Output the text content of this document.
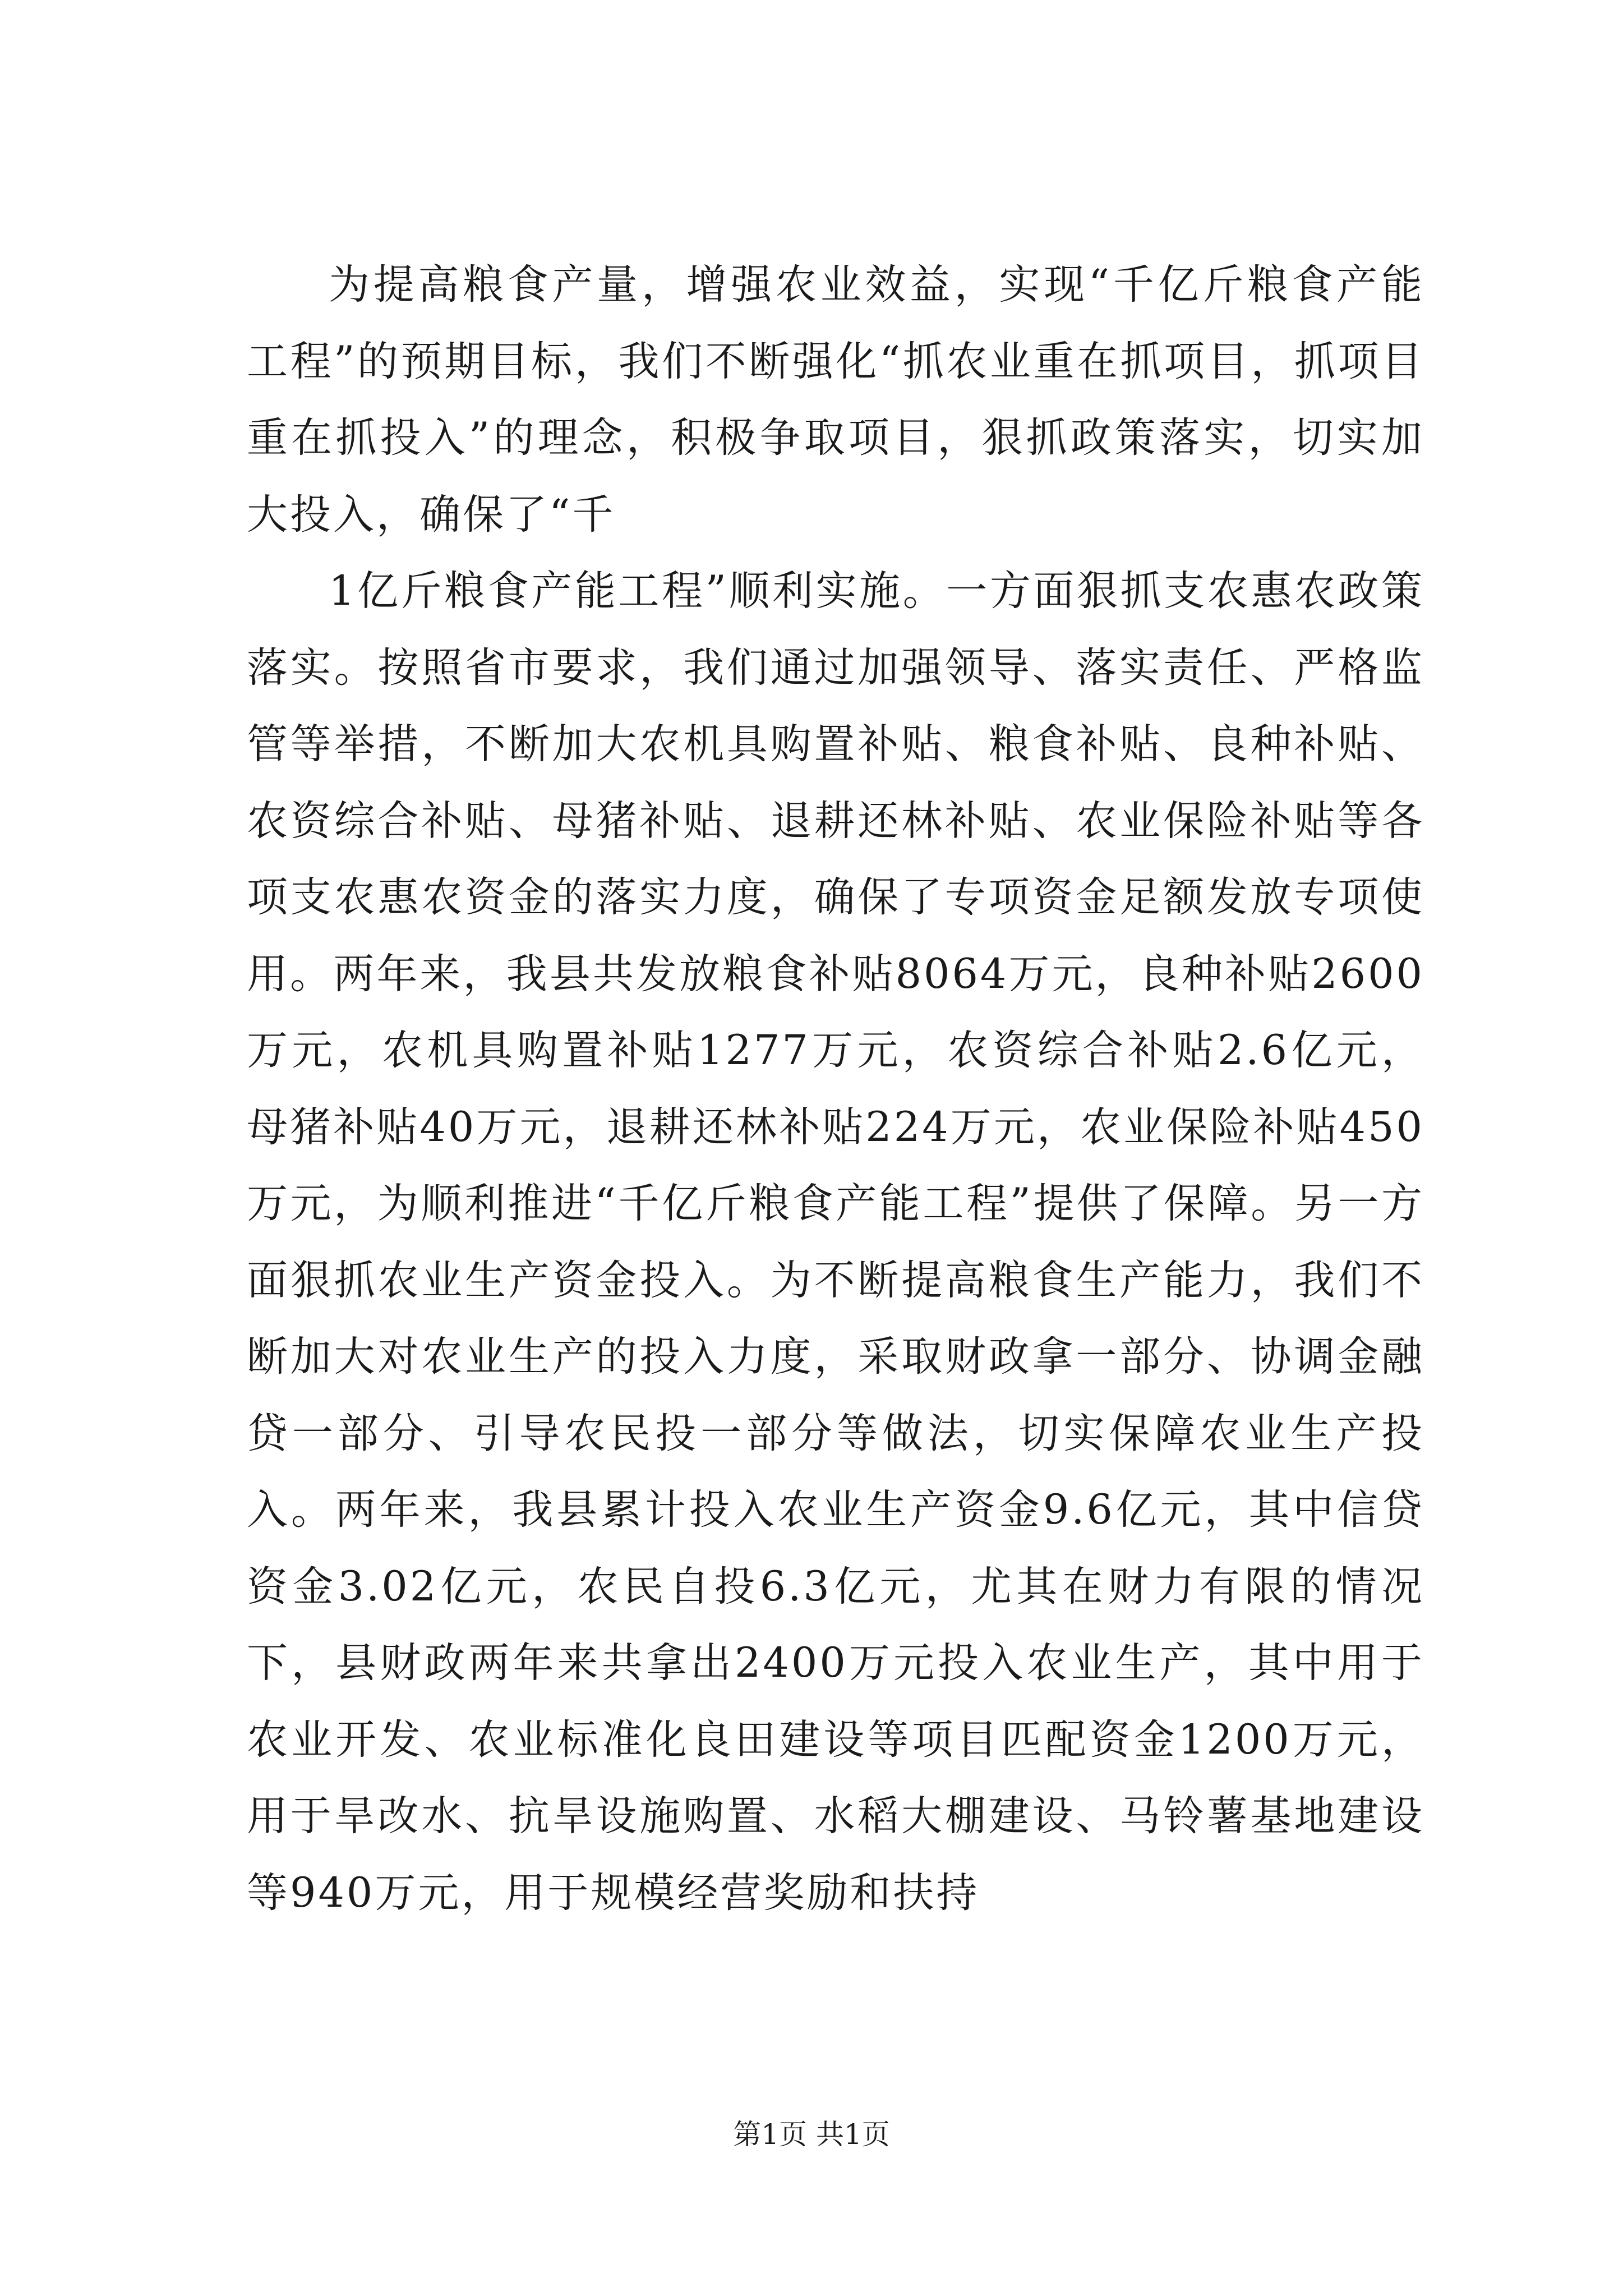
为提高粮食产量，增强农业效益，实现“千亿斤粮食产能工程”的预期目标，我们不断强化“抓农业重在抓项目，抓项目重在抓投入”的理念，积极争取项目，狠抓政策落实，切实加大投入，确保了“千

1亿斤粮食产能工程”顺利实施。一方面狠抓支农惠农政策落实。按照省市要求，我们通过加强领导、落实责任、严格监管等举措，不断加大农机具购置补贴、粮食补贴、良种补贴、农资综合补贴、母猪补贴、退耕还林补贴、农业保险补贴等各项支农惠农资金的落实力度，确保了专项资金足额发放专项使用。两年来，我县共发放粮食补贴8064万元，良种补贴2600万元，农机具购置补贴1277万元，农资综合补贴2.6亿元，母猪补贴40万元，退耕还林补贴224万元，农业保险补贴450万元，为顺利推进“千亿斤粮食产能工程”提供了保障。另一方面狠抓农业生产资金投入。为不断提高粮食生产能力，我们不断加大对农业生产的投入力度，采取财政拿一部分、协调金融贷一部分、引导农民投一部分等做法，切实保障农业生产投入。两年来，我县累计投入农业生产资金9.6亿元，其中信贷资金3.02亿元，农民自投6.3亿元，尤其在财力有限的情况下，县财政两年来共拿出2400万元投入农业生产，其中用于农业开发、农业标准化良田建设等项目匹配资金1200万元，用于旱改水、抗旱设施购置、水稻大棚建设、马铃薯基地建设等940万元，用于规模经营奖励和扶持

第1页 共1页
